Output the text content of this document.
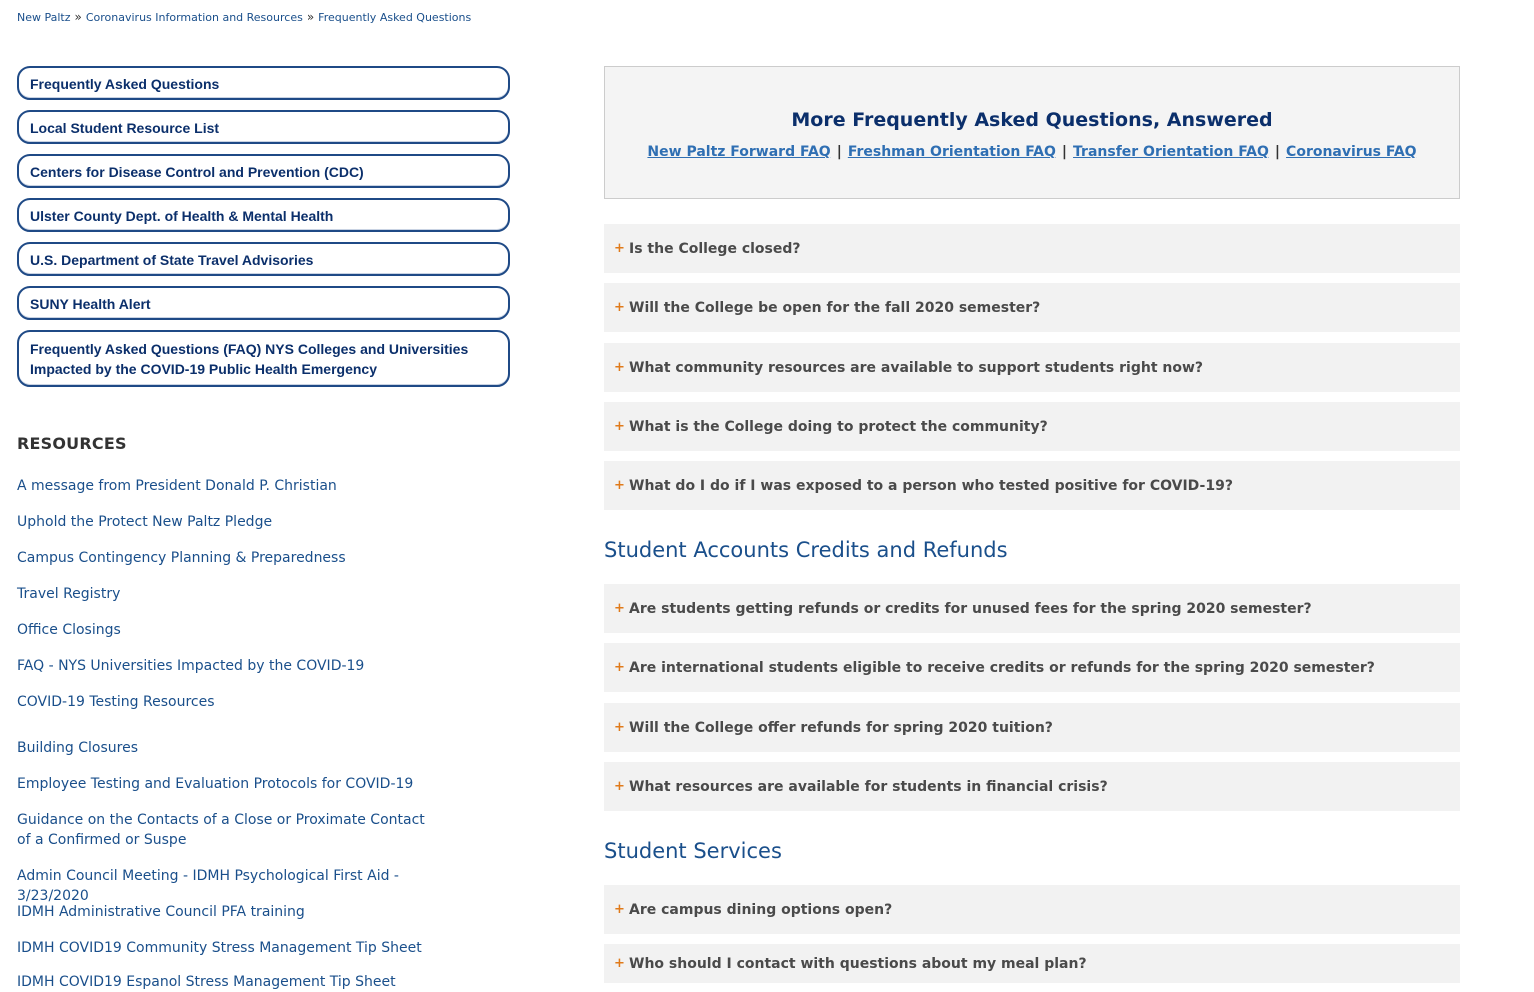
New Paltz » Coronavirus Information and Resources » Frequently Asked Questions
Frequently Asked Questions
Local Student Resource List
Centers for Disease Control and Prevention (CDC)
Ulster County Dept. of Health & Mental Health
U.S. Department of State Travel Advisories
SUNY Health Alert
Frequently Asked Questions (FAQ) NYS Colleges and Universities Impacted by the COVID-19 Public Health Emergency
RESOURCES
A message from President Donald P. Christian
Uphold the Protect New Paltz Pledge
Campus Contingency Planning & Preparedness
Travel Registry
Office Closings
FAQ - NYS Universities Impacted by the COVID-19
COVID-19 Testing Resources
Building Closures
Employee Testing and Evaluation Protocols for COVID-19
Guidance on the Contacts of a Close or Proximate Contact of a Confirmed or Suspe
Admin Council Meeting - IDMH Psychological First Aid - 3/23/2020
IDMH Administrative Council PFA training
IDMH COVID19 Community Stress Management Tip Sheet
IDMH COVID19 Espanol Stress Management Tip Sheet
More Frequently Asked Questions, Answered
New Paltz Forward FAQ | Freshman Orientation FAQ | Transfer Orientation FAQ | Coronavirus FAQ
+ Is the College closed?
+ Will the College be open for the fall 2020 semester?
+ What community resources are available to support students right now?
+ What is the College doing to protect the community?
+ What do I do if I was exposed to a person who tested positive for COVID-19?
Student Accounts Credits and Refunds
+ Are students getting refunds or credits for unused fees for the spring 2020 semester?
+ Are international students eligible to receive credits or refunds for the spring 2020 semester?
+ Will the College offer refunds for spring 2020 tuition?
+ What resources are available for students in financial crisis?
Student Services
+ Are campus dining options open?
+ Who should I contact with questions about my meal plan?
